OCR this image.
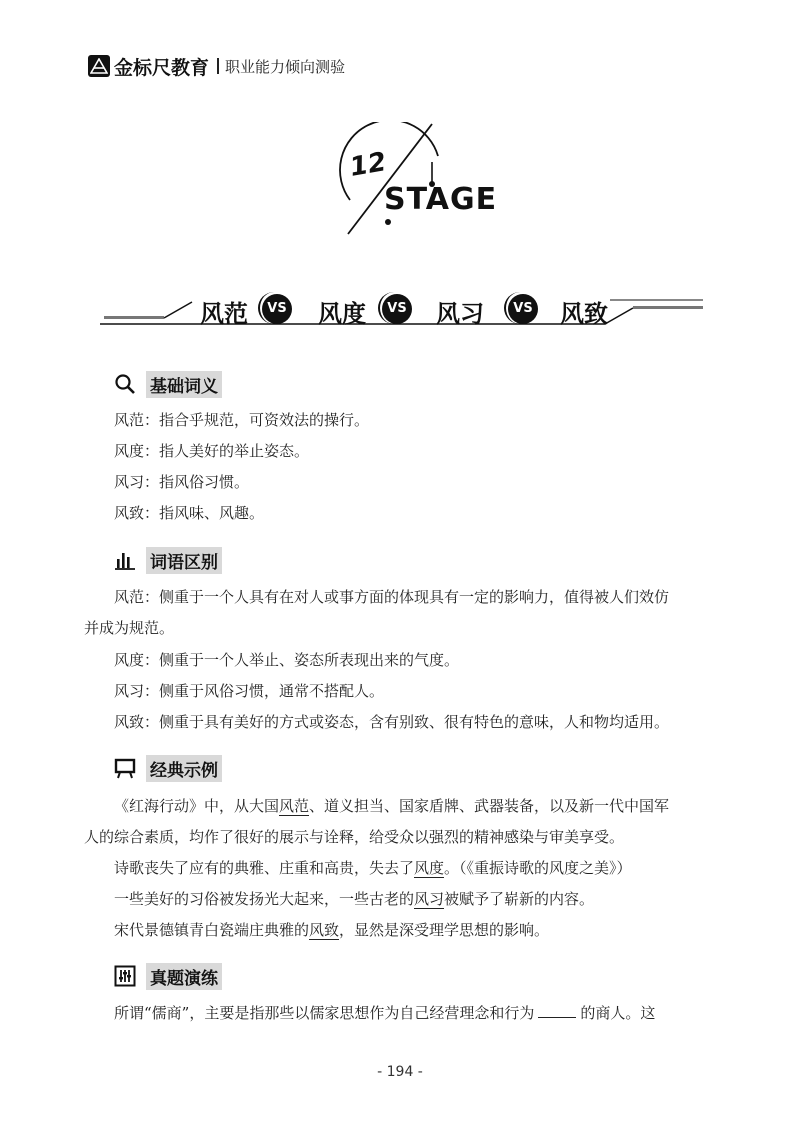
金标尺教育 职业能力倾向测验
12
STAGE
风范	VS 风度	VS 风习	VS 风致
基础词义
风范：指合乎规范，可资效法的操行。
风度：指人美好的举止姿态。
风习：指风俗习惯。
风致：指风味、风趣。
词语区别
风范：侧重于一个人具有在对人或事方面的体现具有一定的影响力，值得被人们效仿
并成为规范。
风度：侧重于一个人举止、姿态所表现出来的气度。
风习：侧重于风俗习惯，通常不搭配人。
风致：侧重于具有美好的方式或姿态，含有别致、很有特色的意味，人和物均适用。
经典示例
《红海行动》中，从大国风范、道义担当、国家盾牌、武器装备，以及新一代中国军
人的综合素质，均作了很好的展示与诠释，给受众以强烈的精神感染与审美享受。
诗歌丧失了应有的典雅、庄重和高贵，失去了风度。（《重振诗歌的风度之美》）
一些美好的习俗被发扬光大起来，一些古老的风习被赋予了崭新的内容。
宋代景德镇青白瓷端庄典雅的风致，显然是深受理学思想的影响。
真题演练
所谓“儒商”，主要是指那些以儒家思想作为自己经营理念和行为	的商人。这
- 194 -
